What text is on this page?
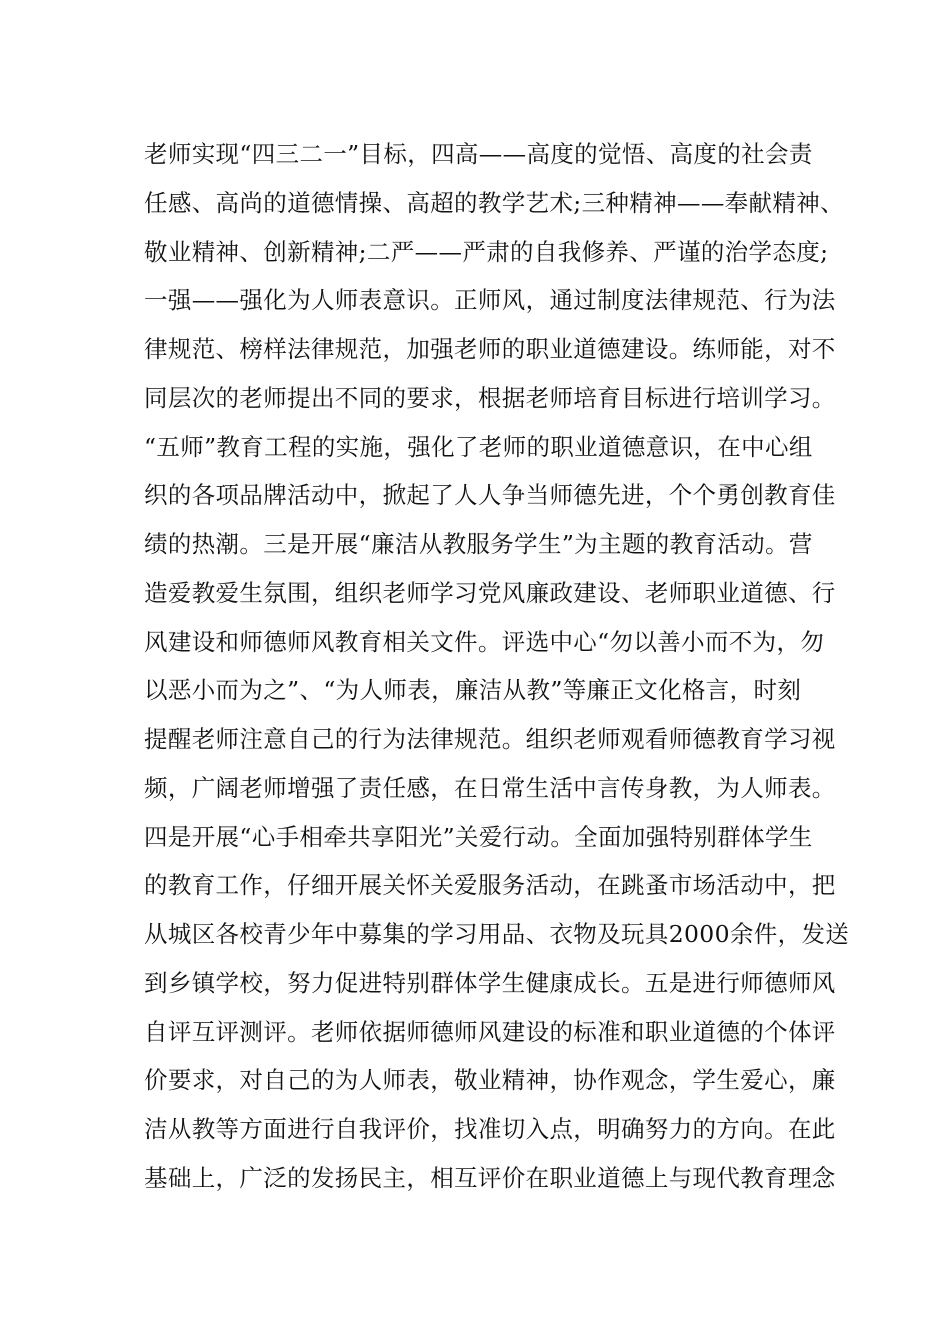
老师实现“四三二一”目标，四高——高度的觉悟、高度的社会责
任感、高尚的道德情操、高超的教学艺术;三种精神——奉献精神、
敬业精神、创新精神;二严——严肃的自我修养、严谨的治学态度;
一强——强化为人师表意识。正师风，通过制度法律规范、行为法
律规范、榜样法律规范，加强老师的职业道德建设。练师能，对不
同层次的老师提出不同的要求，根据老师培育目标进行培训学习。
“五师”教育工程的实施，强化了老师的职业道德意识，在中心组
织的各项品牌活动中，掀起了人人争当师德先进，个个勇创教育佳
绩的热潮。三是开展“廉洁从教服务学生”为主题的教育活动。营
造爱教爱生氛围，组织老师学习党风廉政建设、老师职业道德、行
风建设和师德师风教育相关文件。评选中心“勿以善小而不为，勿
以恶小而为之”、“为人师表，廉洁从教”等廉正文化格言，时刻
提醒老师注意自己的行为法律规范。组织老师观看师德教育学习视
频，广阔老师增强了责任感，在日常生活中言传身教，为人师表。
四是开展“心手相牵共享阳光”关爱行动。全面加强特别群体学生
的教育工作，仔细开展关怀关爱服务活动，在跳蚤市场活动中，把
从城区各校青少年中募集的学习用品、衣物及玩具2000余件，发送
到乡镇学校，努力促进特别群体学生健康成长。五是进行师德师风
自评互评测评。老师依据师德师风建设的标准和职业道德的个体评
价要求，对自己的为人师表，敬业精神，协作观念，学生爱心，廉
洁从教等方面进行自我评价，找准切入点，明确努力的方向。在此
基础上，广泛的发扬民主，相互评价在职业道德上与现代教育理念
